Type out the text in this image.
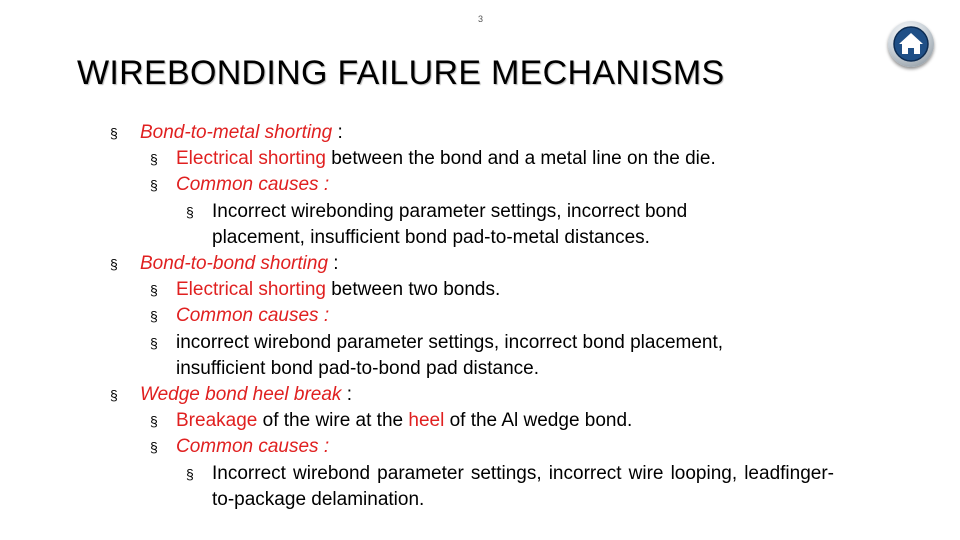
3
WIREBONDING FAILURE MECHANISMS
§ Bond-to-metal shorting :
§ Electrical shorting between the bond and a metal line on the die.
§ Common causes :
§ Incorrect wirebonding parameter settings, incorrect bond placement, insufficient bond pad-to-metal distances.
§ Bond-to-bond shorting :
§ Electrical shorting between two bonds.
§ Common causes :
§ incorrect wirebond parameter settings, incorrect bond placement, insufficient bond pad-to-bond pad distance.
§ Wedge bond heel break :
§ Breakage of the wire at the heel of the Al wedge bond.
§ Common causes :
§ Incorrect wirebond parameter settings, incorrect wire looping, leadfinger-to-package delamination.
